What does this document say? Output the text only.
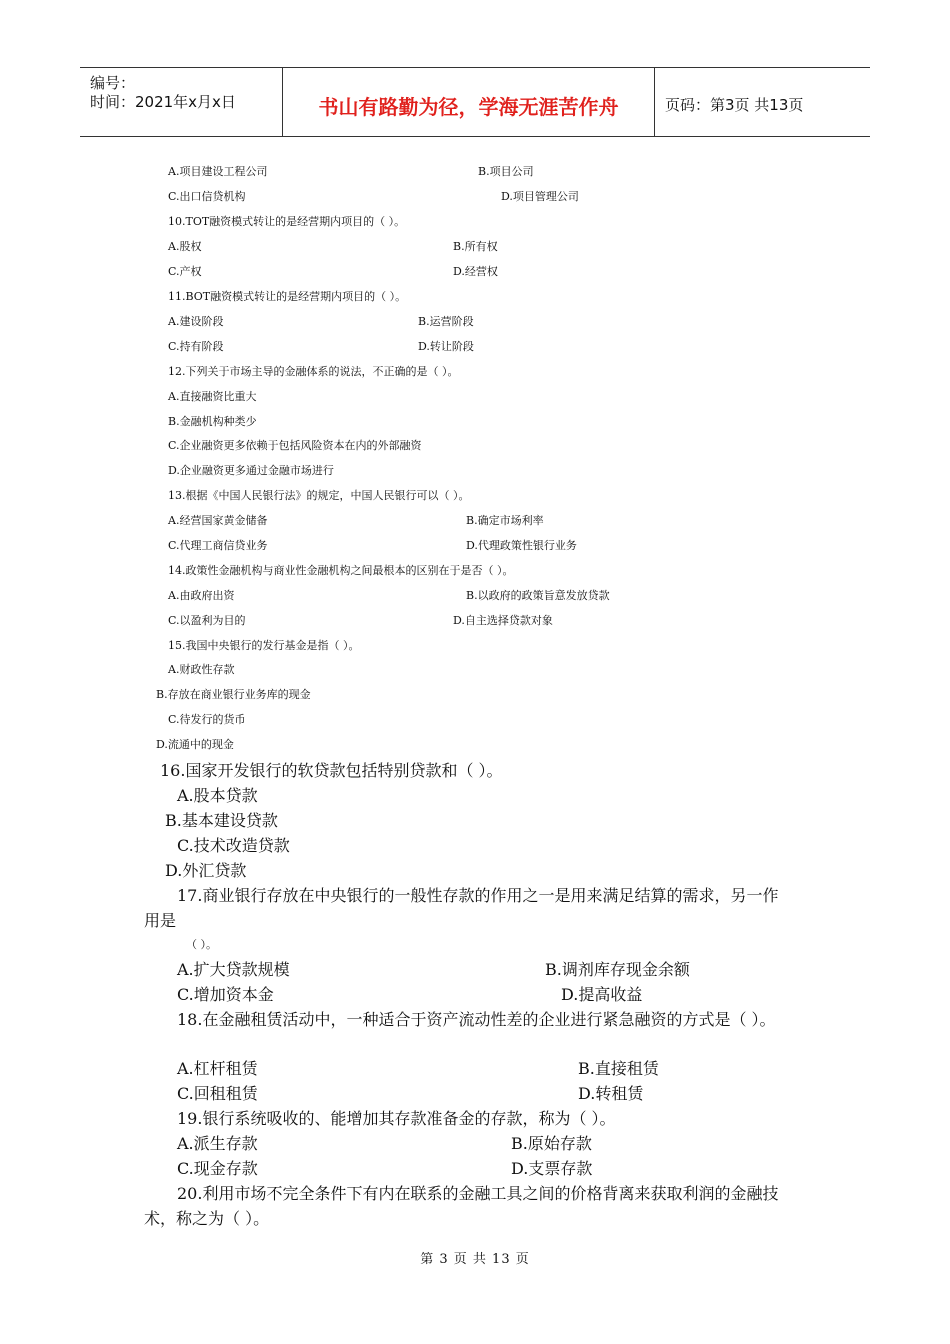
编号：
时间：2021年x月x日	书山有路勤为径，学海无涯苦作舟	页码：第3页 共13页
A.项目建设工程公司	B.项目公司
C.出口信贷机构	D.项目管理公司
10.TOT融资模式转让的是经营期内项目的（ ）。
A.股权	B.所有权
C.产权	D.经营权
11.BOT融资模式转让的是经营期内项目的（ ）。
A.建设阶段	B.运营阶段
C.持有阶段	D.转让阶段
12.下列关于市场主导的金融体系的说法，不正确的是（ ）。
A.直接融资比重大
B.金融机构种类少
C.企业融资更多依赖于包括风险资本在内的外部融资
D.企业融资更多通过金融市场进行
13.根据《中国人民银行法》的规定，中国人民银行可以（ ）。
A.经营国家黄金储备	B.确定市场利率
C.代理工商信贷业务	D.代理政策性银行业务
14.政策性金融机构与商业性金融机构之间最根本的区别在于是否（ ）。
A.由政府出资	B.以政府的政策旨意发放贷款
C.以盈利为目的	D.自主选择贷款对象
15.我国中央银行的发行基金是指（ ）。
A.财政性存款
B.存放在商业银行业务库的现金
C.待发行的货币
D.流通中的现金
16.国家开发银行的软贷款包括特别贷款和（ ）。
A.股本贷款
B.基本建设贷款
C.技术改造贷款
D.外汇贷款
17.商业银行存放在中央银行的一般性存款的作用之一是用来满足结算的需求，另一作
用是
（ ）。
A.扩大贷款规模	B.调剂库存现金余额
C.增加资本金	D.提高收益
18.在金融租赁活动中，一种适合于资产流动性差的企业进行紧急融资的方式是（ ）。
A.杠杆租赁	B.直接租赁
C.回租租赁	D.转租赁
19.银行系统吸收的、能增加其存款准备金的存款，称为（ ）。
A.派生存款	B.原始存款
C.现金存款	D.支票存款
20.利用市场不完全条件下有内在联系的金融工具之间的价格背离来获取利润的金融技
术，称之为（ ）。
第 3 页 共 13 页
